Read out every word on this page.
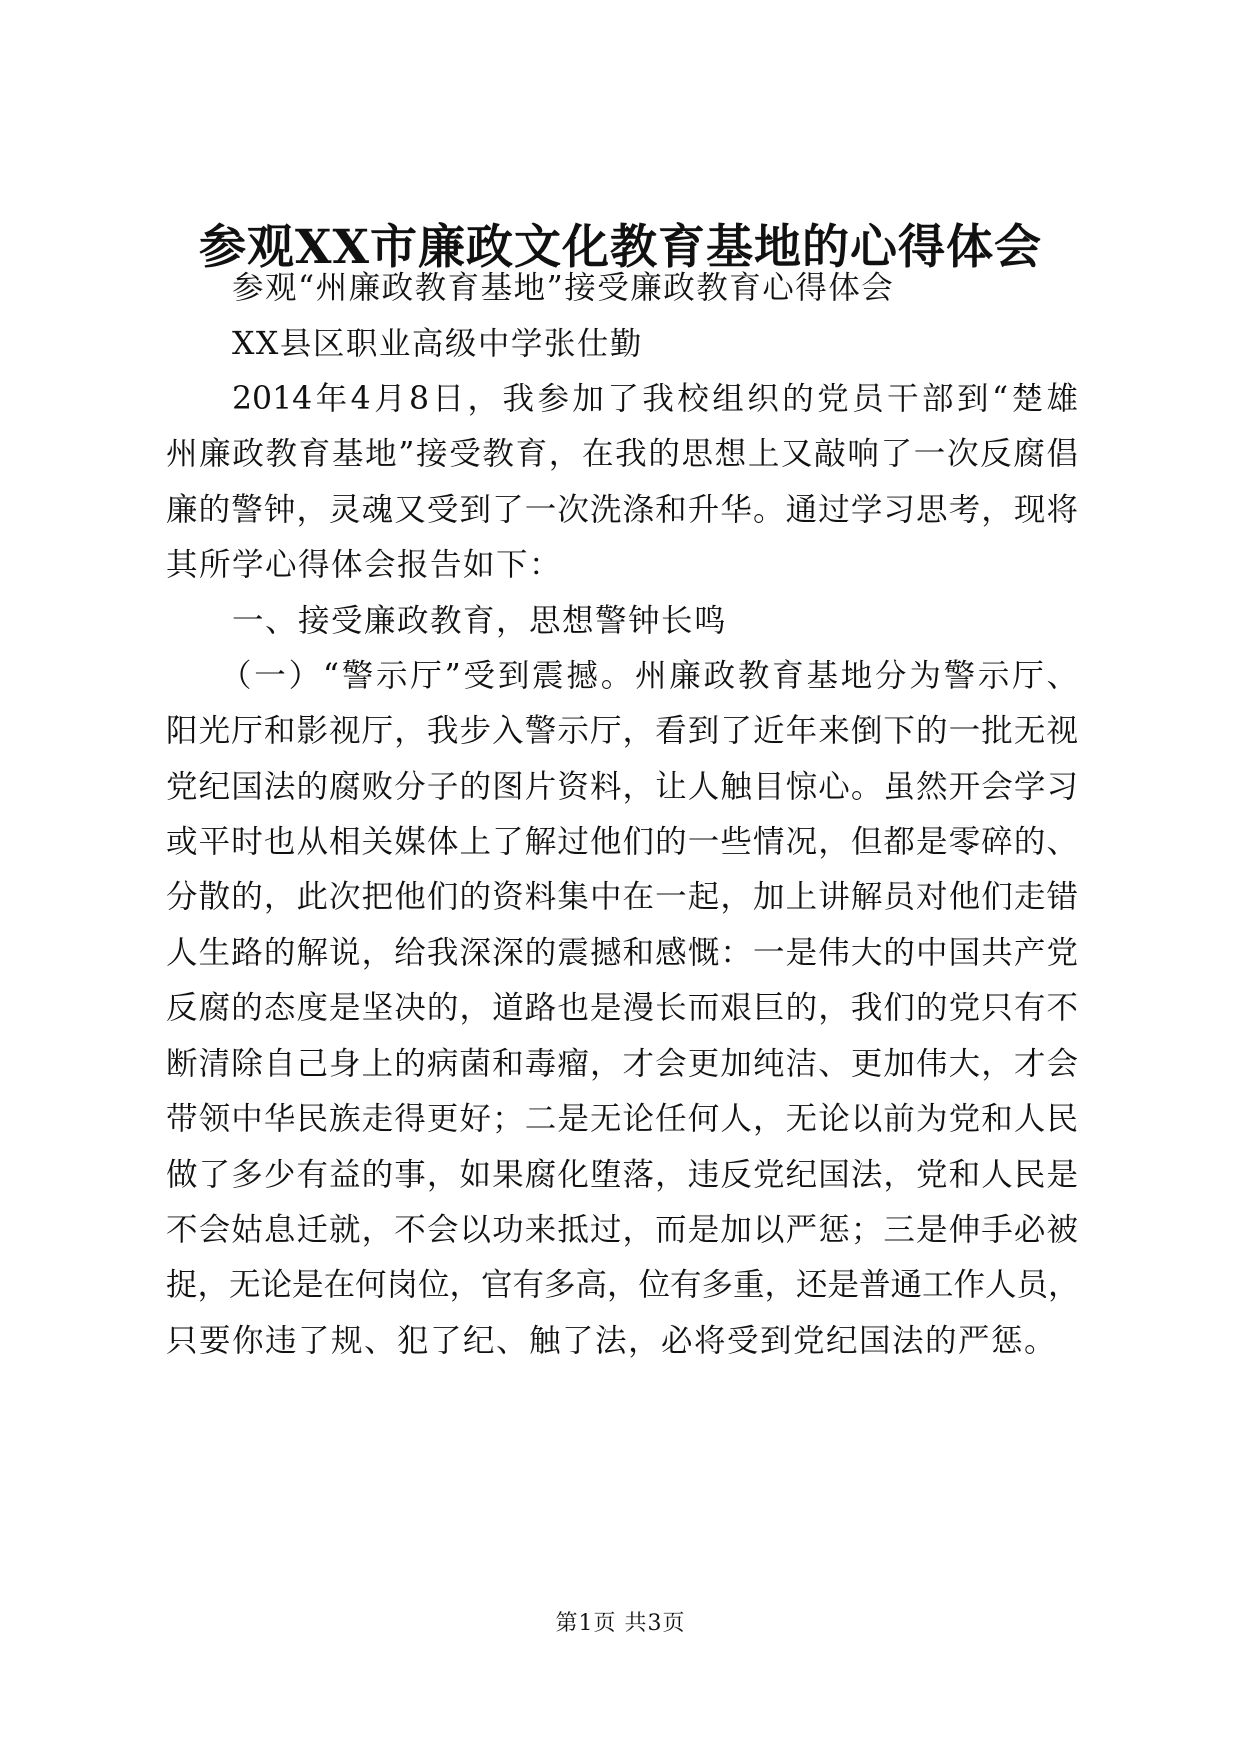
参观XX市廉政文化教育基地的心得体会
参观“州廉政教育基地”接受廉政教育心得体会
XX县区职业高级中学张仕勤
2014年4月8日，我参加了我校组织的党员干部到“楚雄
州廉政教育基地”接受教育，在我的思想上又敲响了一次反腐倡
廉的警钟，灵魂又受到了一次洗涤和升华。通过学习思考，现将
其所学心得体会报告如下：
一、接受廉政教育，思想警钟长鸣
（一）“警示厅”受到震撼。州廉政教育基地分为警示厅、
阳光厅和影视厅，我步入警示厅，看到了近年来倒下的一批无视
党纪国法的腐败分子的图片资料，让人触目惊心。虽然开会学习
或平时也从相关媒体上了解过他们的一些情况，但都是零碎的、
分散的，此次把他们的资料集中在一起，加上讲解员对他们走错
人生路的解说，给我深深的震撼和感慨：一是伟大的中国共产党
反腐的态度是坚决的，道路也是漫长而艰巨的，我们的党只有不
断清除自己身上的病菌和毒瘤，才会更加纯洁、更加伟大，才会
带领中华民族走得更好；二是无论任何人，无论以前为党和人民
做了多少有益的事，如果腐化堕落，违反党纪国法，党和人民是
不会姑息迁就，不会以功来抵过，而是加以严惩；三是伸手必被
捉，无论是在何岗位，官有多高，位有多重，还是普通工作人员，
只要你违了规、犯了纪、触了法，必将受到党纪国法的严惩。
第1页 共3页
